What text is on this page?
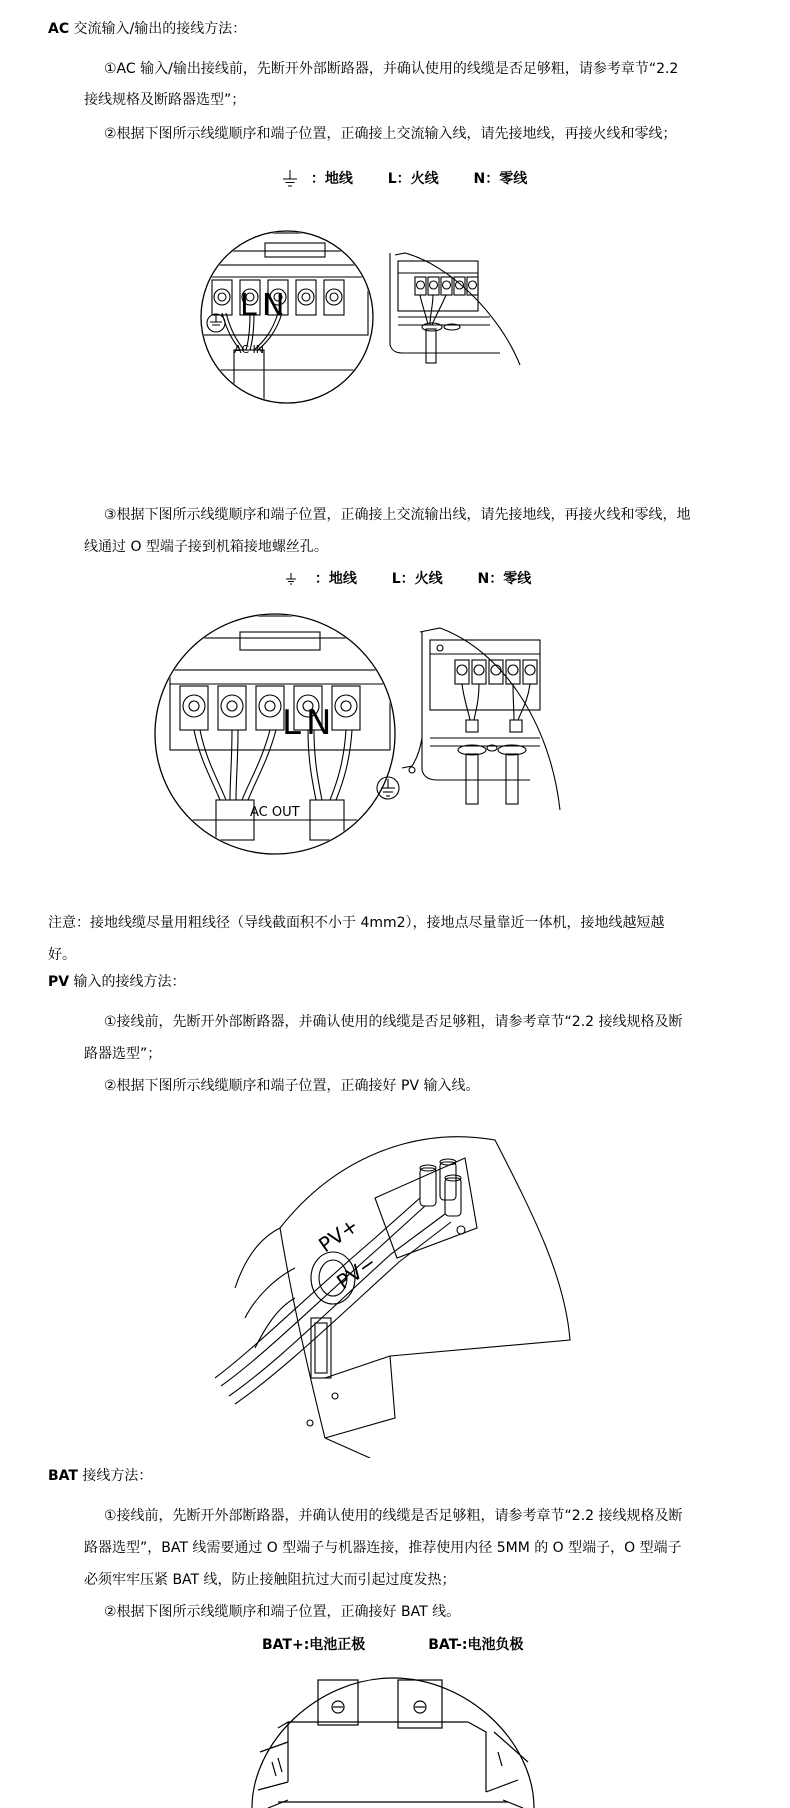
AC 交流输入/输出的接线方法：
①AC 输入/输出接线前，先断开外部断路器，并确认使用的线缆是否足够粗，请参考章节“2.2
接线规格及断路器选型”；
②根据下图所示线缆顺序和端子位置，正确接上交流输入线，请先接地线，再接火线和零线；
：地线 L：火线 N：零线
L N
AC IN
③根据下图所示线缆顺序和端子位置，正确接上交流输出线，请先接地线，再接火线和零线，地
线通过 O 型端子接到机箱接地螺丝孔。
：地线 L：火线 N：零线
L N
AC OUT
注意：接地线缆尽量用粗线径（导线截面积不小于 4mm2），接地点尽量靠近一体机，接地线越短越
好。
PV 输入的接线方法：
①接线前，先断开外部断路器，并确认使用的线缆是否足够粗，请参考章节“2.2 接线规格及断
路器选型”；
②根据下图所示线缆顺序和端子位置，正确接好 PV 输入线。
PV+
PV−
BAT 接线方法：
①接线前，先断开外部断路器，并确认使用的线缆是否足够粗，请参考章节“2.2 接线规格及断
路器选型”，BAT 线需要通过 O 型端子与机器连接，推荐使用内径 5MM 的 O 型端子，O 型端子
必须牢牢压紧 BAT 线，防止接触阻抗过大而引起过度发热；
②根据下图所示线缆顺序和端子位置，正确接好 BAT 线。
BAT+:电池正极	BAT-:电池负极
